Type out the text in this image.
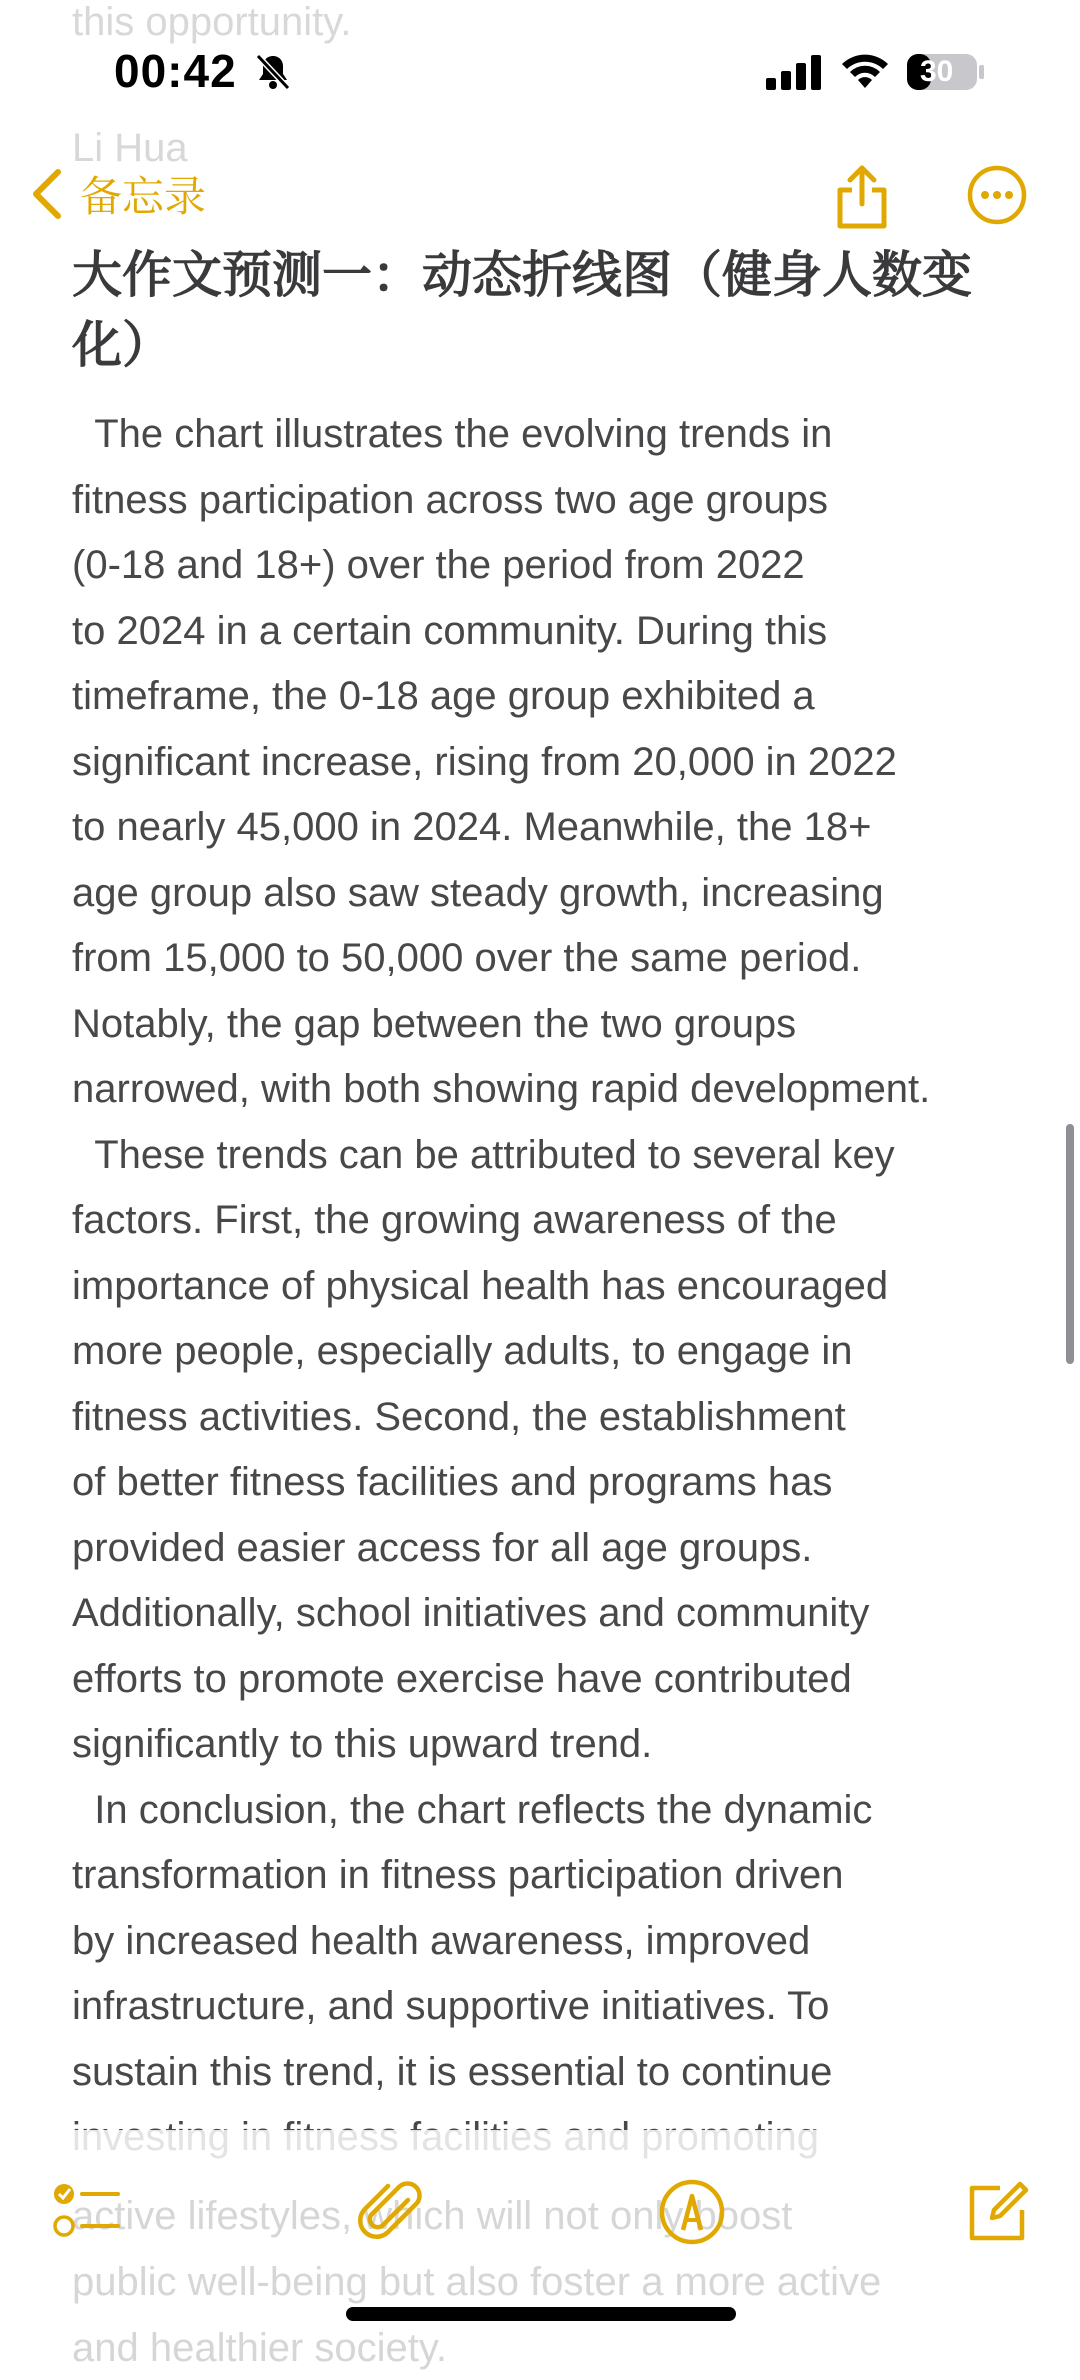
this opportunity.
Li Hua
00:42	30
备忘录
大作文预测一：动态折线图（健身人数变化）

The chart illustrates the evolving trends in

fitness participation across two age groups

(0-18 and 18+) over the period from 2022

to 2024 in a certain community. During this

timeframe, the 0-18 age group exhibited a

significant increase, rising from 20,000 in 2022

to nearly 45,000 in 2024. Meanwhile, the 18+

age group also saw steady growth, increasing

from 15,000 to 50,000 over the same period.

Notably, the gap between the two groups

narrowed, with both showing rapid development.

These trends can be attributed to several key

factors. First, the growing awareness of the

importance of physical health has encouraged

more people, especially adults, to engage in

fitness activities. Second, the establishment

of better fitness facilities and programs has

provided easier access for all age groups.

Additionally, school initiatives and community

efforts to promote exercise have contributed

significantly to this upward trend.

In conclusion, the chart reflects the dynamic

transformation in fitness participation driven

by increased health awareness, improved

infrastructure, and supportive initiatives. To

sustain this trend, it is essential to continue

active lifestyles, which will not only boost
public well-being but also foster a more active
and healthier society.
